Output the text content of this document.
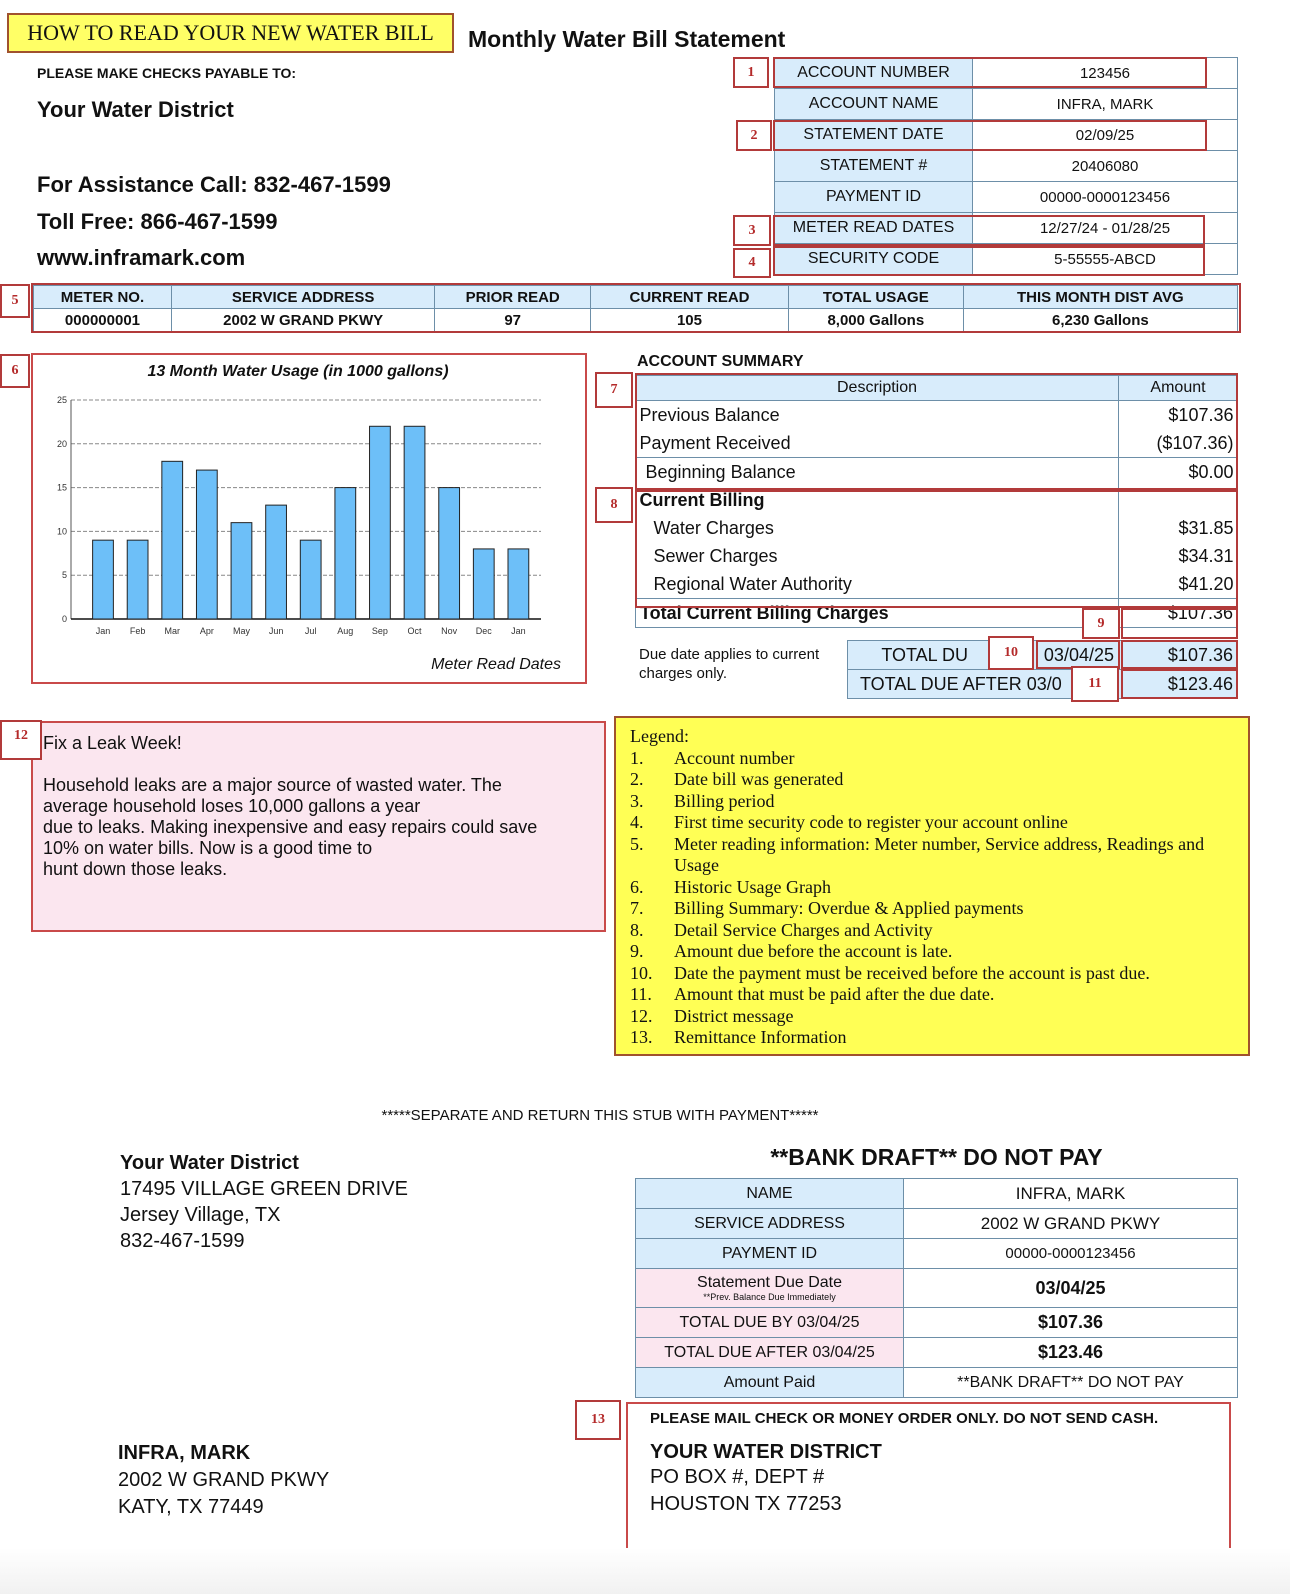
HOW TO READ YOUR NEW WATER BILL	Monthly Water Bill Statement
PLEASE MAKE CHECKS PAYABLE TO:
Your Water District
For Assistance Call: 832-467-1599
Toll Free: 866-467-1599
www.inframark.com
ACCOUNT NUMBER	123456
ACCOUNT NAME	INFRA, MARK
STATEMENT DATE	02/09/25
STATEMENT #	20406080
PAYMENT ID	00000-0000123456
METER READ DATES	12/27/24 - 01/28/25
SECURITY CODE	5-55555-ABCD
1
2
3
4
METER NO.	SERVICE ADDRESS	PRIOR READ	CURRENT READ	TOTAL USAGE	THIS MONTH DIST AVG
000000001	2002 W GRAND PKWY	97	105	8,000 Gallons	6,230 Gallons
5
6	13 Month Water Usage (in 1000 gallons)
0
5
10
15
20
25
Jan Feb Mar Apr May Jun Jul Aug Sep Oct Nov Dec Jan
Meter Read Dates
ACCOUNT SUMMARY
Description	Amount
Previous Balance	$107.36
Payment Received	($107.36)
Beginning Balance	$0.00
Current Billing	
Water Charges	$31.85
Sewer Charges	$34.31
Regional Water Authority	$41.20
Total Current Billing Charges	$107.36
7
8
9
Due date applies to current charges only.
TOTAL DU 03/04/25	$107.36
TOTAL DUE AFTER 03/0	$123.46
10
11
Fix a Leak Week!
Household leaks are a major source of wasted water. The
average household loses 10,000 gallons a year
due to leaks. Making inexpensive and easy repairs could save
10% on water bills. Now is a good time to
hunt down those leaks.
12	Legend:
1.	Account number
2.	Date bill was generated
3.	Billing period
4.	First time security code to register your account online
5.	Meter reading information: Meter number, Service address, Readings and Usage
6.	Historic Usage Graph
7.	Billing Summary: Overdue & Applied payments
8.	Detail Service Charges and Activity
9.	Amount due before the account is late.
10.	Date the payment must be received before the account is past due.
11.	Amount that must be paid after the due date.
12.	District message
13.	Remittance Information
*****SEPARATE AND RETURN THIS STUB WITH PAYMENT*****
Your Water District
17495 VILLAGE GREEN DRIVE
Jersey Village, TX
832-467-1599
**BANK DRAFT** DO NOT PAY
NAME	INFRA, MARK
SERVICE ADDRESS	2002 W GRAND PKWY
PAYMENT ID	00000-0000123456
Statement Due Date
**Prev. Balance Due Immediately	03/04/25
TOTAL DUE BY 03/04/25	$107.36
TOTAL DUE AFTER 03/04/25	$123.46
Amount Paid	**BANK DRAFT** DO NOT PAY
13	PLEASE MAIL CHECK OR MONEY ORDER ONLY. DO NOT SEND CASH.
YOUR WATER DISTRICT
PO BOX #, DEPT #
HOUSTON TX 77253
INFRA, MARK
2002 W GRAND PKWY
KATY, TX 77449
